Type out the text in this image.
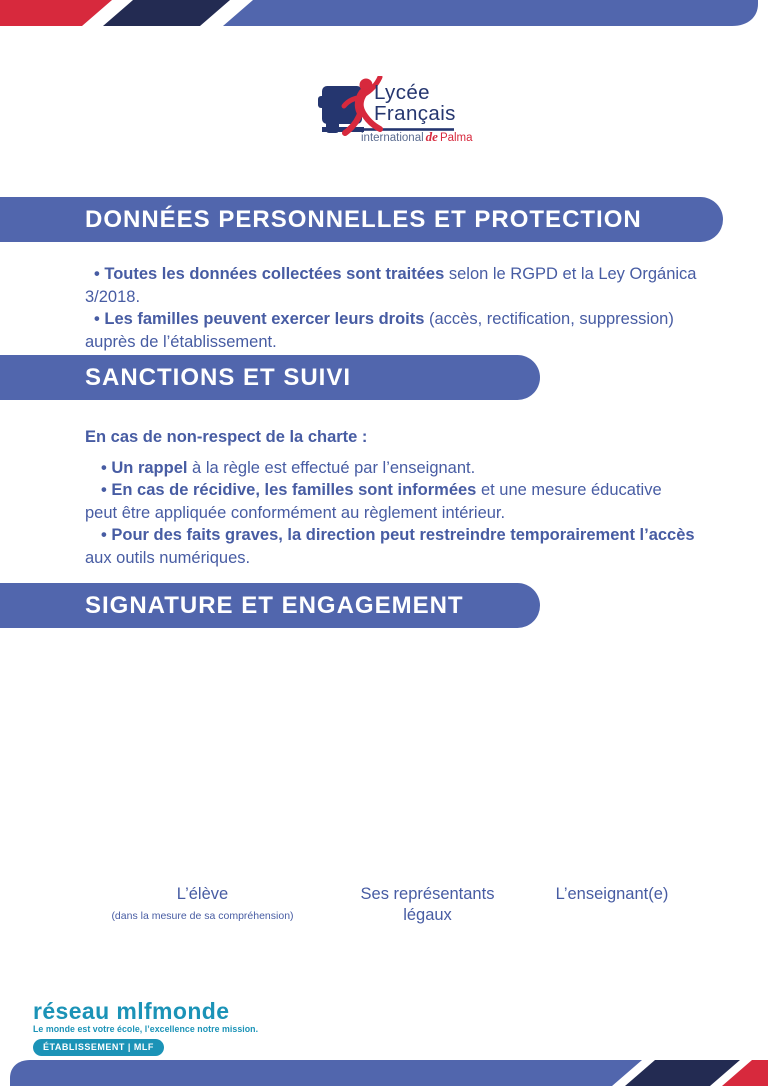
Lycée
Français
international de Palma
DONNÉES PERSONNELLES ET PROTECTION

• Toutes les données collectées sont traitées selon le RGPD et la Ley Orgánica 3/2018.

• Les familles peuvent exercer leurs droits (accès, rectification, suppression) auprès de l’établissement.

SANCTIONS ET SUIVI

En cas de non-respect de la charte :

• Un rappel à la règle est effectué par l’enseignant.

• En cas de récidive, les familles sont informées et une mesure éducative peut être appliquée conformément au règlement intérieur.

• Pour des faits graves, la direction peut restreindre temporairement l’accès aux outils numériques.

SIGNATURE ET ENGAGEMENT
L’élève
(dans la mesure de sa compréhension)
Ses représentants légaux
L’enseignant(e)
réseau mlfmonde
Le monde est votre école, l’excellence notre mission.
ÉTABLISSEMENT | MLF
